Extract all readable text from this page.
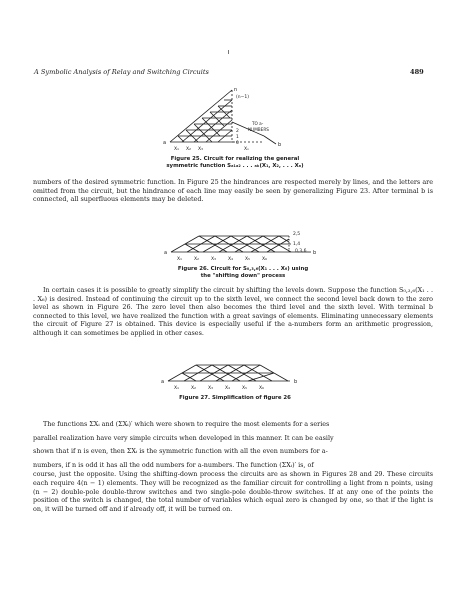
A Symbolic Analysis of Relay and Switching Circuits	489
n
(n−1)
2
1
0
TO a-
NUMBERS
a	b
X₁ X₂ X₃	Xₙ
Figure 25. Circuit for realizing the general
symmetric function Sₐ₁ₐ₂ . . . ₐₖ(X₁, X₂, . . . Xₙ)

numbers of the desired symmetric function. In Figure 25 the hindrances are respected merely by lines, and the letters are omitted from the circuit, but the hindrance of each line may easily be seen by generalizing Figure 23. After terminal b is connected, all superfluous elements may be deleted.

2,5
1,4
0,3,6
a	b
X₁	X₂	X₃	X₄	X₅	X₆
Figure 26. Circuit for S₀,₃,₆(X₁ . . . X₆) using
the "shifting down" process

In certain cases it is possible to greatly simplify the circuit by shifting the levels down. Suppose the function S₀,₃,₆(X₁ . . . X₆) is desired. Instead of continuing the circuit up to the sixth level, we connect the second level back down to the zero level as shown in Figure 26. The zero level then also becomes the third level and the sixth level. With terminal b connected to this level, we have realized the function with a great savings of elements. Eliminating unnecessary elements the circuit of Figure 27 is obtained. This device is especially useful if the a-numbers form an arithmetic progression, although it can sometimes be applied in other cases.

a	b
X₁	X₂	X₃	X₄	X₅	X₆
Figure 27. Simplification of figure 26
The functions ΣXᵢ and (ΣXᵢ)′ which were shown to require the most elements for a series
parallel realization have very simple circuits when developed in this manner. It can be easily
shown that if n is even, then ΣXᵢ is the symmetric function with all the even numbers for a-
numbers, if n is odd it has all the odd numbers for a-numbers. The function (ΣXᵢ)′ is, of
course, just the opposite. Using the shifting-down process the circuits are as shown in Figures 28 and 29. These circuits each require 4(n − 1) elements. They will be recognized as the familiar circuit for controlling a light from n points, using (n − 2) double-pole double-throw switches and two single-pole double-throw switches. If at any one of the points the position of the switch is changed, the total number of variables which equal zero is changed by one, so that if the light is on, it will be turned off and if already off, it will be turned on.
